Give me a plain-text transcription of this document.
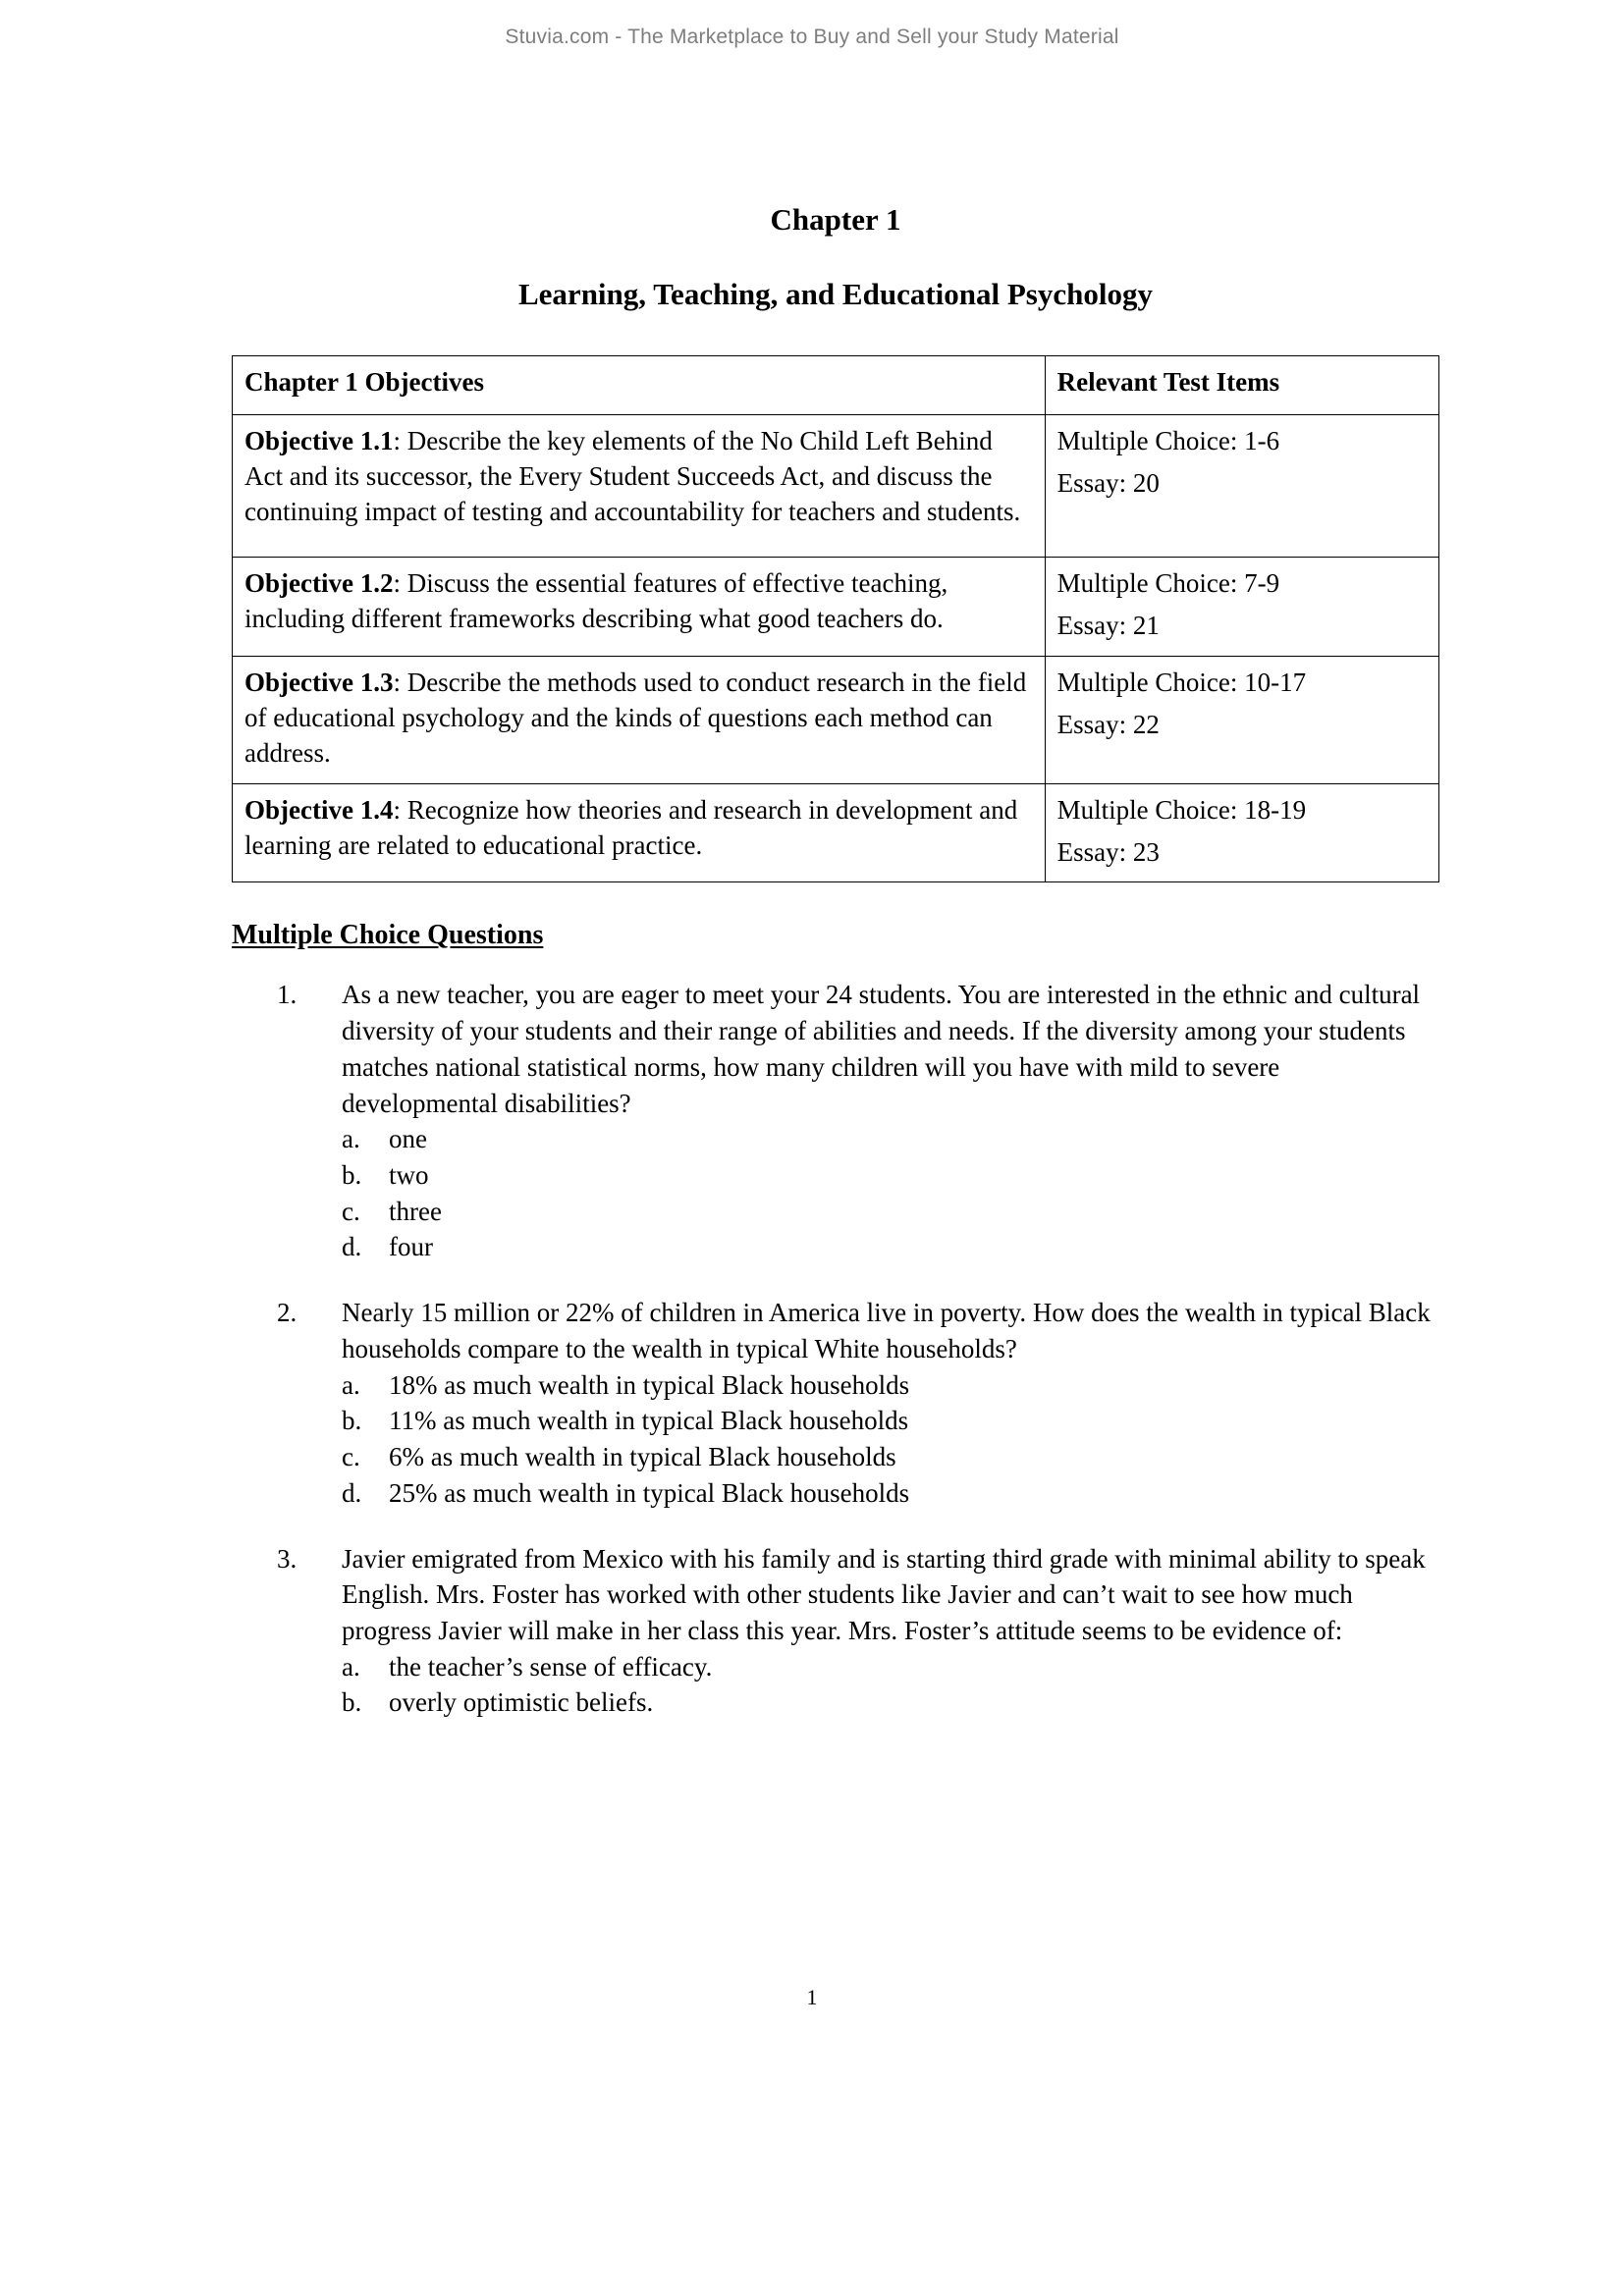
Stuvia.com - The Marketplace to Buy and Sell your Study Material
Chapter 1
Learning, Teaching, and Educational Psychology
Chapter 1 Objectives	Relevant Test Items
Objective 1.1: Describe the key elements of the No Child Left Behind Act and its successor, the Every Student Succeeds Act, and discuss the continuing impact of testing and accountability for teachers and students.	Multiple Choice: 1-6
Essay: 20

Objective 1.2: Discuss the essential features of effective teaching, including different frameworks describing what good teachers do.	Multiple Choice: 7-9
Essay: 21

Objective 1.3: Describe the methods used to conduct research in the field of educational psychology and the kinds of questions each method can address.	Multiple Choice: 10-17
Essay: 22

Objective 1.4: Recognize how theories and research in development and learning are related to educational practice.	Multiple Choice: 18-19
Essay: 23
Multiple Choice Questions
1. As a new teacher, you are eager to meet your 24 students. You are interested in the ethnic and cultural diversity of your students and their range of abilities and needs. If the diversity among your students matches national statistical norms, how many children will you have with mild to severe developmental disabilities?
a. one
b. two
c. three
d. four
2. Nearly 15 million or 22% of children in America live in poverty. How does the wealth in typical Black households compare to the wealth in typical White households?
a. 18% as much wealth in typical Black households
b. 11% as much wealth in typical Black households
c. 6% as much wealth in typical Black households
d. 25% as much wealth in typical Black households
3. Javier emigrated from Mexico with his family and is starting third grade with minimal ability to speak English. Mrs. Foster has worked with other students like Javier and can’t wait to see how much progress Javier will make in her class this year. Mrs. Foster’s attitude seems to be evidence of:
a. the teacher’s sense of efficacy.
b. overly optimistic beliefs.
1
